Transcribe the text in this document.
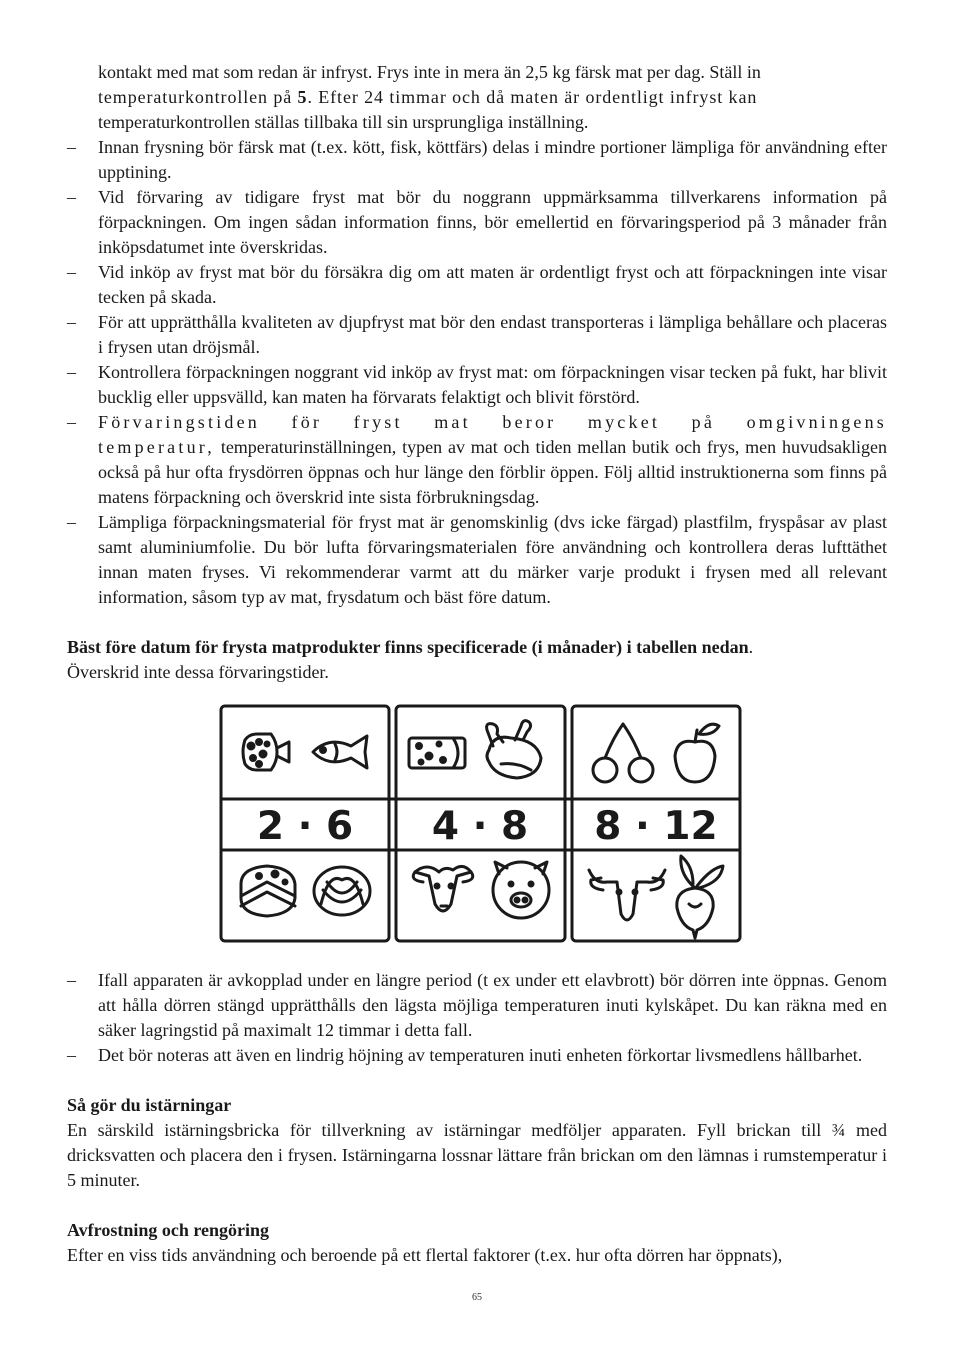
kontakt med mat som redan är infryst. Frys inte in mera än 2,5 kg färsk mat per dag. Ställ in
temperaturkontrollen på 5. Efter 24 timmar och då maten är ordentligt infryst kan
temperaturkontrollen ställas tillbaka till sin ursprungliga inställning.
– Innan frysning bör färsk mat (t.ex. kött, fisk, köttfärs) delas i mindre portioner lämpliga för användning efter upptining.
– Vid förvaring av tidigare fryst mat bör du noggrann uppmärksamma tillverkarens information på förpackningen. Om ingen sådan information finns, bör emellertid en förvaringsperiod på 3 månader från inköpsdatumet inte överskridas.
– Vid inköp av fryst mat bör du försäkra dig om att maten är ordentligt fryst och att förpackningen inte visar tecken på skada.
– För att upprätthålla kvaliteten av djupfryst mat bör den endast transporteras i lämpliga behållare och placeras i frysen utan dröjsmål.
– Kontrollera förpackningen noggrant vid inköp av fryst mat: om förpackningen visar tecken på fukt, har blivit bucklig eller uppsvälld, kan maten ha förvarats felaktigt och blivit förstörd.
– Förvaringstiden för fryst mat beror mycket på omgivningens temperatur, temperaturinställningen, typen av mat och tiden mellan butik och frys, men huvudsakligen också på hur ofta frysdörren öppnas och hur länge den förblir öppen. Följ alltid instruktionerna som finns på matens förpackning och överskrid inte sista förbrukningsdag.
– Lämpliga förpackningsmaterial för fryst mat är genomskinlig (dvs icke färgad) plastfilm, fryspåsar av plast samt aluminiumfolie. Du bör lufta förvaringsmaterialen före användning och kontrollera deras lufttäthet innan maten fryses. Vi rekommenderar varmt att du märker varje produkt i frysen med all relevant information, såsom typ av mat, frysdatum och bäst före datum.

Bäst före datum för frysta matprodukter finns specificerade (i månader) i tabellen nedan.
Överskrid inte dessa förvaringstider.

2 · 6 4 · 8 8 · 12
– Ifall apparaten är avkopplad under en längre period (t ex under ett elavbrott) bör dörren inte öppnas. Genom att hålla dörren stängd upprätthålls den lägsta möjliga temperaturen inuti kylskåpet. Du kan räkna med en säker lagringstid på maximalt 12 timmar i detta fall.
– Det bör noteras att även en lindrig höjning av temperaturen inuti enheten förkortar livsmedlens hållbarhet.

Så gör du istärningar
En särskild istärningsbricka för tillverkning av istärningar medföljer apparaten. Fyll brickan till ¾ med dricksvatten och placera den i frysen. Istärningarna lossnar lättare från brickan om den lämnas i rumstemperatur i 5 minuter.

Avfrostning och rengöring
Efter en viss tids användning och beroende på ett flertal faktorer (t.ex. hur ofta dörren har öppnats),

65
